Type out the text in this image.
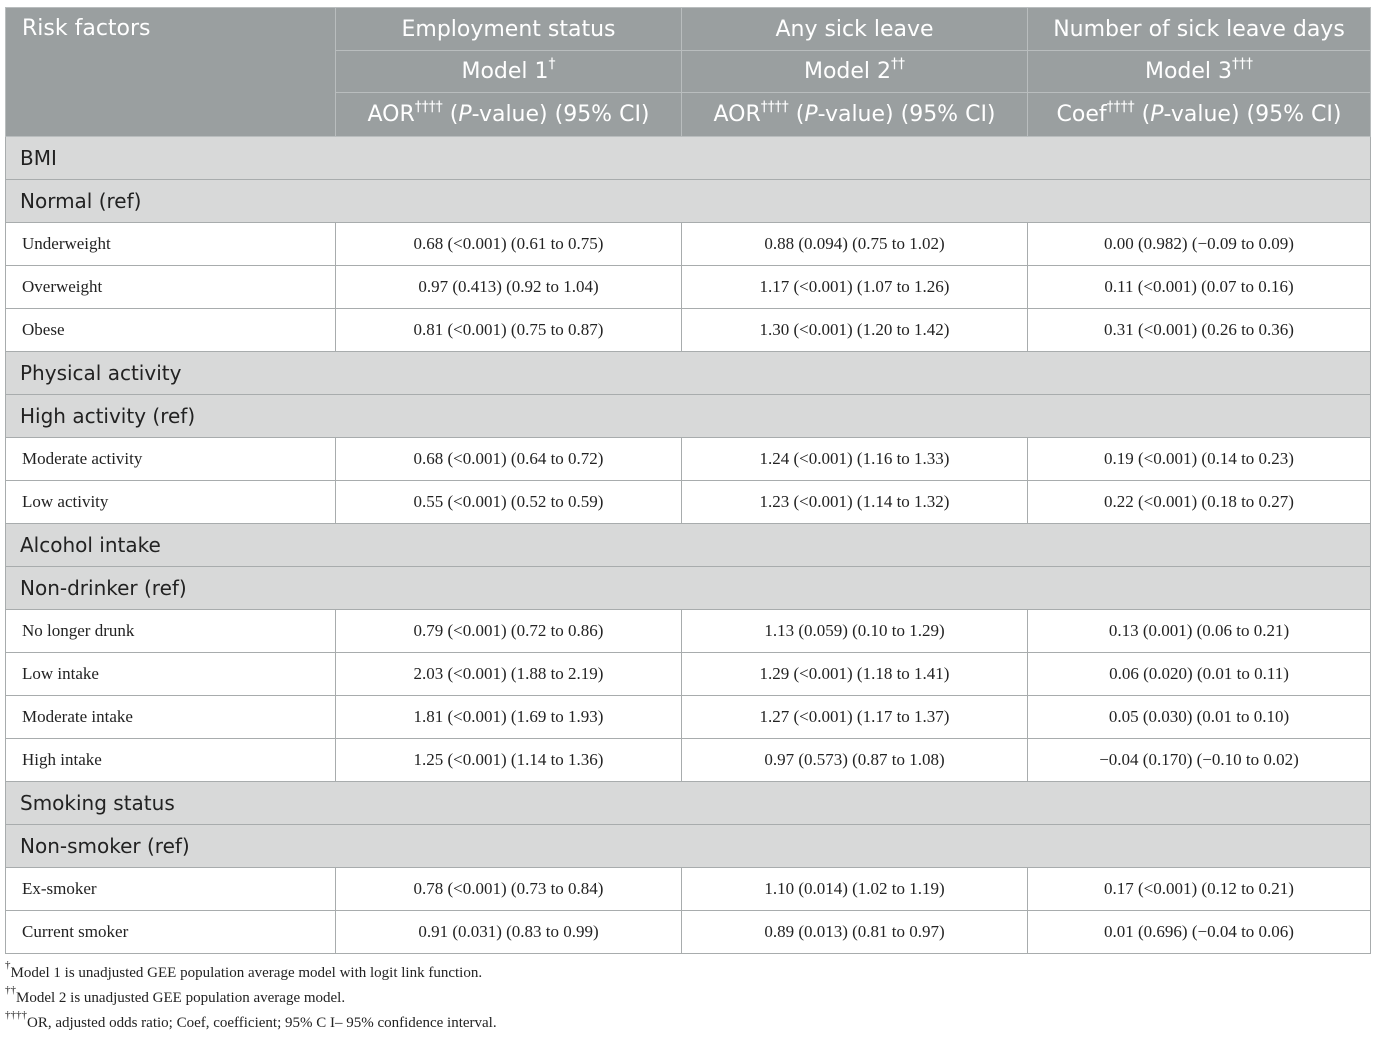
Risk factors	Employment status	Any sick leave	Number of sick leave days
	Model 1†	Model 2††	Model 3†††
	AOR†††† (P-value) (95% CI)	AOR†††† (P-value) (95% CI)	Coef†††† (P-value) (95% CI)
BMI			
Normal (ref)			
Underweight	0.68 (<0.001) (0.61 to 0.75)	0.88 (0.094) (0.75 to 1.02)	0.00 (0.982) (−0.09 to 0.09)
Overweight	0.97 (0.413) (0.92 to 1.04)	1.17 (<0.001) (1.07 to 1.26)	0.11 (<0.001) (0.07 to 0.16)
Obese	0.81 (<0.001) (0.75 to 0.87)	1.30 (<0.001) (1.20 to 1.42)	0.31 (<0.001) (0.26 to 0.36)
Physical activity			
High activity (ref)			
Moderate activity	0.68 (<0.001) (0.64 to 0.72)	1.24 (<0.001) (1.16 to 1.33)	0.19 (<0.001) (0.14 to 0.23)
Low activity	0.55 (<0.001) (0.52 to 0.59)	1.23 (<0.001) (1.14 to 1.32)	0.22 (<0.001) (0.18 to 0.27)
Alcohol intake			
Non-drinker (ref)			
No longer drunk	0.79 (<0.001) (0.72 to 0.86)	1.13 (0.059) (0.10 to 1.29)	0.13 (0.001) (0.06 to 0.21)
Low intake	2.03 (<0.001) (1.88 to 2.19)	1.29 (<0.001) (1.18 to 1.41)	0.06 (0.020) (0.01 to 0.11)
Moderate intake	1.81 (<0.001) (1.69 to 1.93)	1.27 (<0.001) (1.17 to 1.37)	0.05 (0.030) (0.01 to 0.10)
High intake	1.25 (<0.001) (1.14 to 1.36)	0.97 (0.573) (0.87 to 1.08)	−0.04 (0.170) (−0.10 to 0.02)
Smoking status			
Non-smoker (ref)			
Ex-smoker	0.78 (<0.001) (0.73 to 0.84)	1.10 (0.014) (1.02 to 1.19)	0.17 (<0.001) (0.12 to 0.21)
Current smoker	0.91 (0.031) (0.83 to 0.99)	0.89 (0.013) (0.81 to 0.97)	0.01 (0.696) (−0.04 to 0.06)
†Model 1 is unadjusted GEE population average model with logit link function.
††Model 2 is unadjusted GEE population average model.
††††OR, adjusted odds ratio; Coef, coefficient; 95% C I– 95% confidence interval.
